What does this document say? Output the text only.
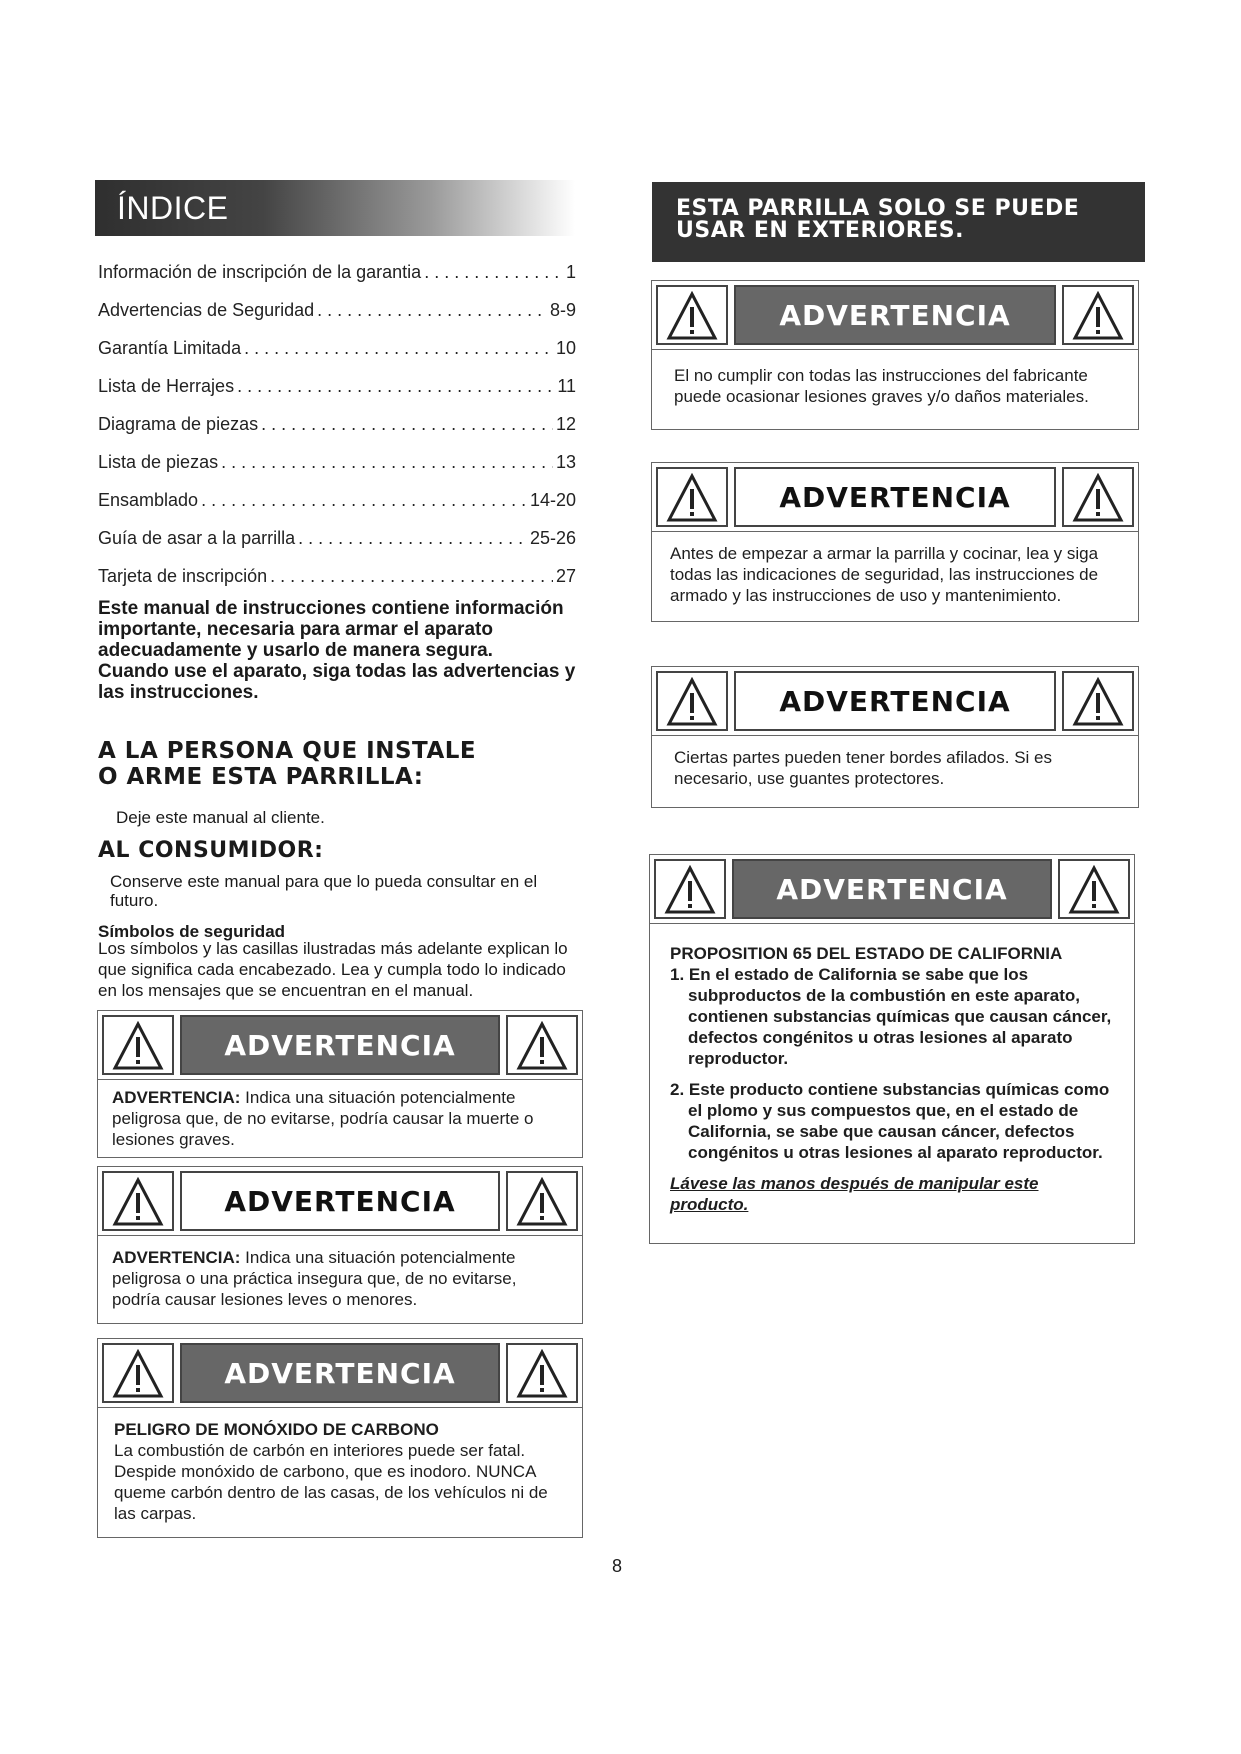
ÍNDICE
Información de inscripción de la garantia . . .	1
Advertencias de Seguridad . . .	8-9
Garantía Limitada . . .	10
Lista de Herrajes . . .	11
Diagrama de piezas . . .	12
Lista de piezas . . .	13
Ensamblado . . .	14-20
Guía de asar a la parrilla . . .	25-26
Tarjeta de inscripción . . .	27
Este manual de instrucciones contiene información importante, necesaria para armar el aparato adecuadamente y usarlo de manera segura.
Cuando use el aparato, siga todas las advertencias y las instrucciones.
A LA PERSONA QUE INSTALE
O ARME ESTA PARRILLA:
Deje este manual al cliente.
AL CONSUMIDOR:
Conserve este manual para que lo pueda consultar en el futuro.
Símbolos de seguridad
Los símbolos y las casillas ilustradas más adelante explican lo que significa cada encabezado. Lea y cumpla todo lo indicado en los mensajes que se encuentran en el manual.
ADVERTENCIA
ADVERTENCIA: Indica una situación potencialmente peligrosa que, de no evitarse, podría causar la muerte o lesiones graves.
ADVERTENCIA
ADVERTENCIA: Indica una situación potencialmente peligrosa o una práctica insegura que, de no evitarse, podría causar lesiones leves o menores.
ADVERTENCIA
PELIGRO DE MONÓXIDO DE CARBONO
La combustión de carbón en interiores puede ser fatal. Despide monóxido de carbono, que es inodoro. NUNCA queme carbón dentro de las casas, de los vehículos ni de las carpas.
ESTA PARRILLA SOLO SE PUEDE USAR EN EXTERIORES.
ADVERTENCIA
El no cumplir con todas las instrucciones del fabricante puede ocasionar lesiones graves y/o daños materiales.
ADVERTENCIA
Antes de empezar a armar la parrilla y cocinar, lea y siga todas las indicaciones de seguridad, las instrucciones de armado y las instrucciones de uso y mantenimiento.
ADVERTENCIA
Ciertas partes pueden tener bordes afilados. Si es necesario, use guantes protectores.
ADVERTENCIA
PROPOSITION 65 DEL ESTADO DE CALIFORNIA
1. En el estado de California se sabe que los subproductos de la combustión en este aparato, contienen substancias químicas que causan cáncer, defectos congénitos u otras lesiones al aparato reproductor.
2. Este producto contiene substancias químicas como el plomo y sus compuestos que, en el estado de California, se sabe que causan cáncer, defectos congénitos u otras lesiones al aparato reproductor.
Lávese las manos después de manipular este producto.
8
